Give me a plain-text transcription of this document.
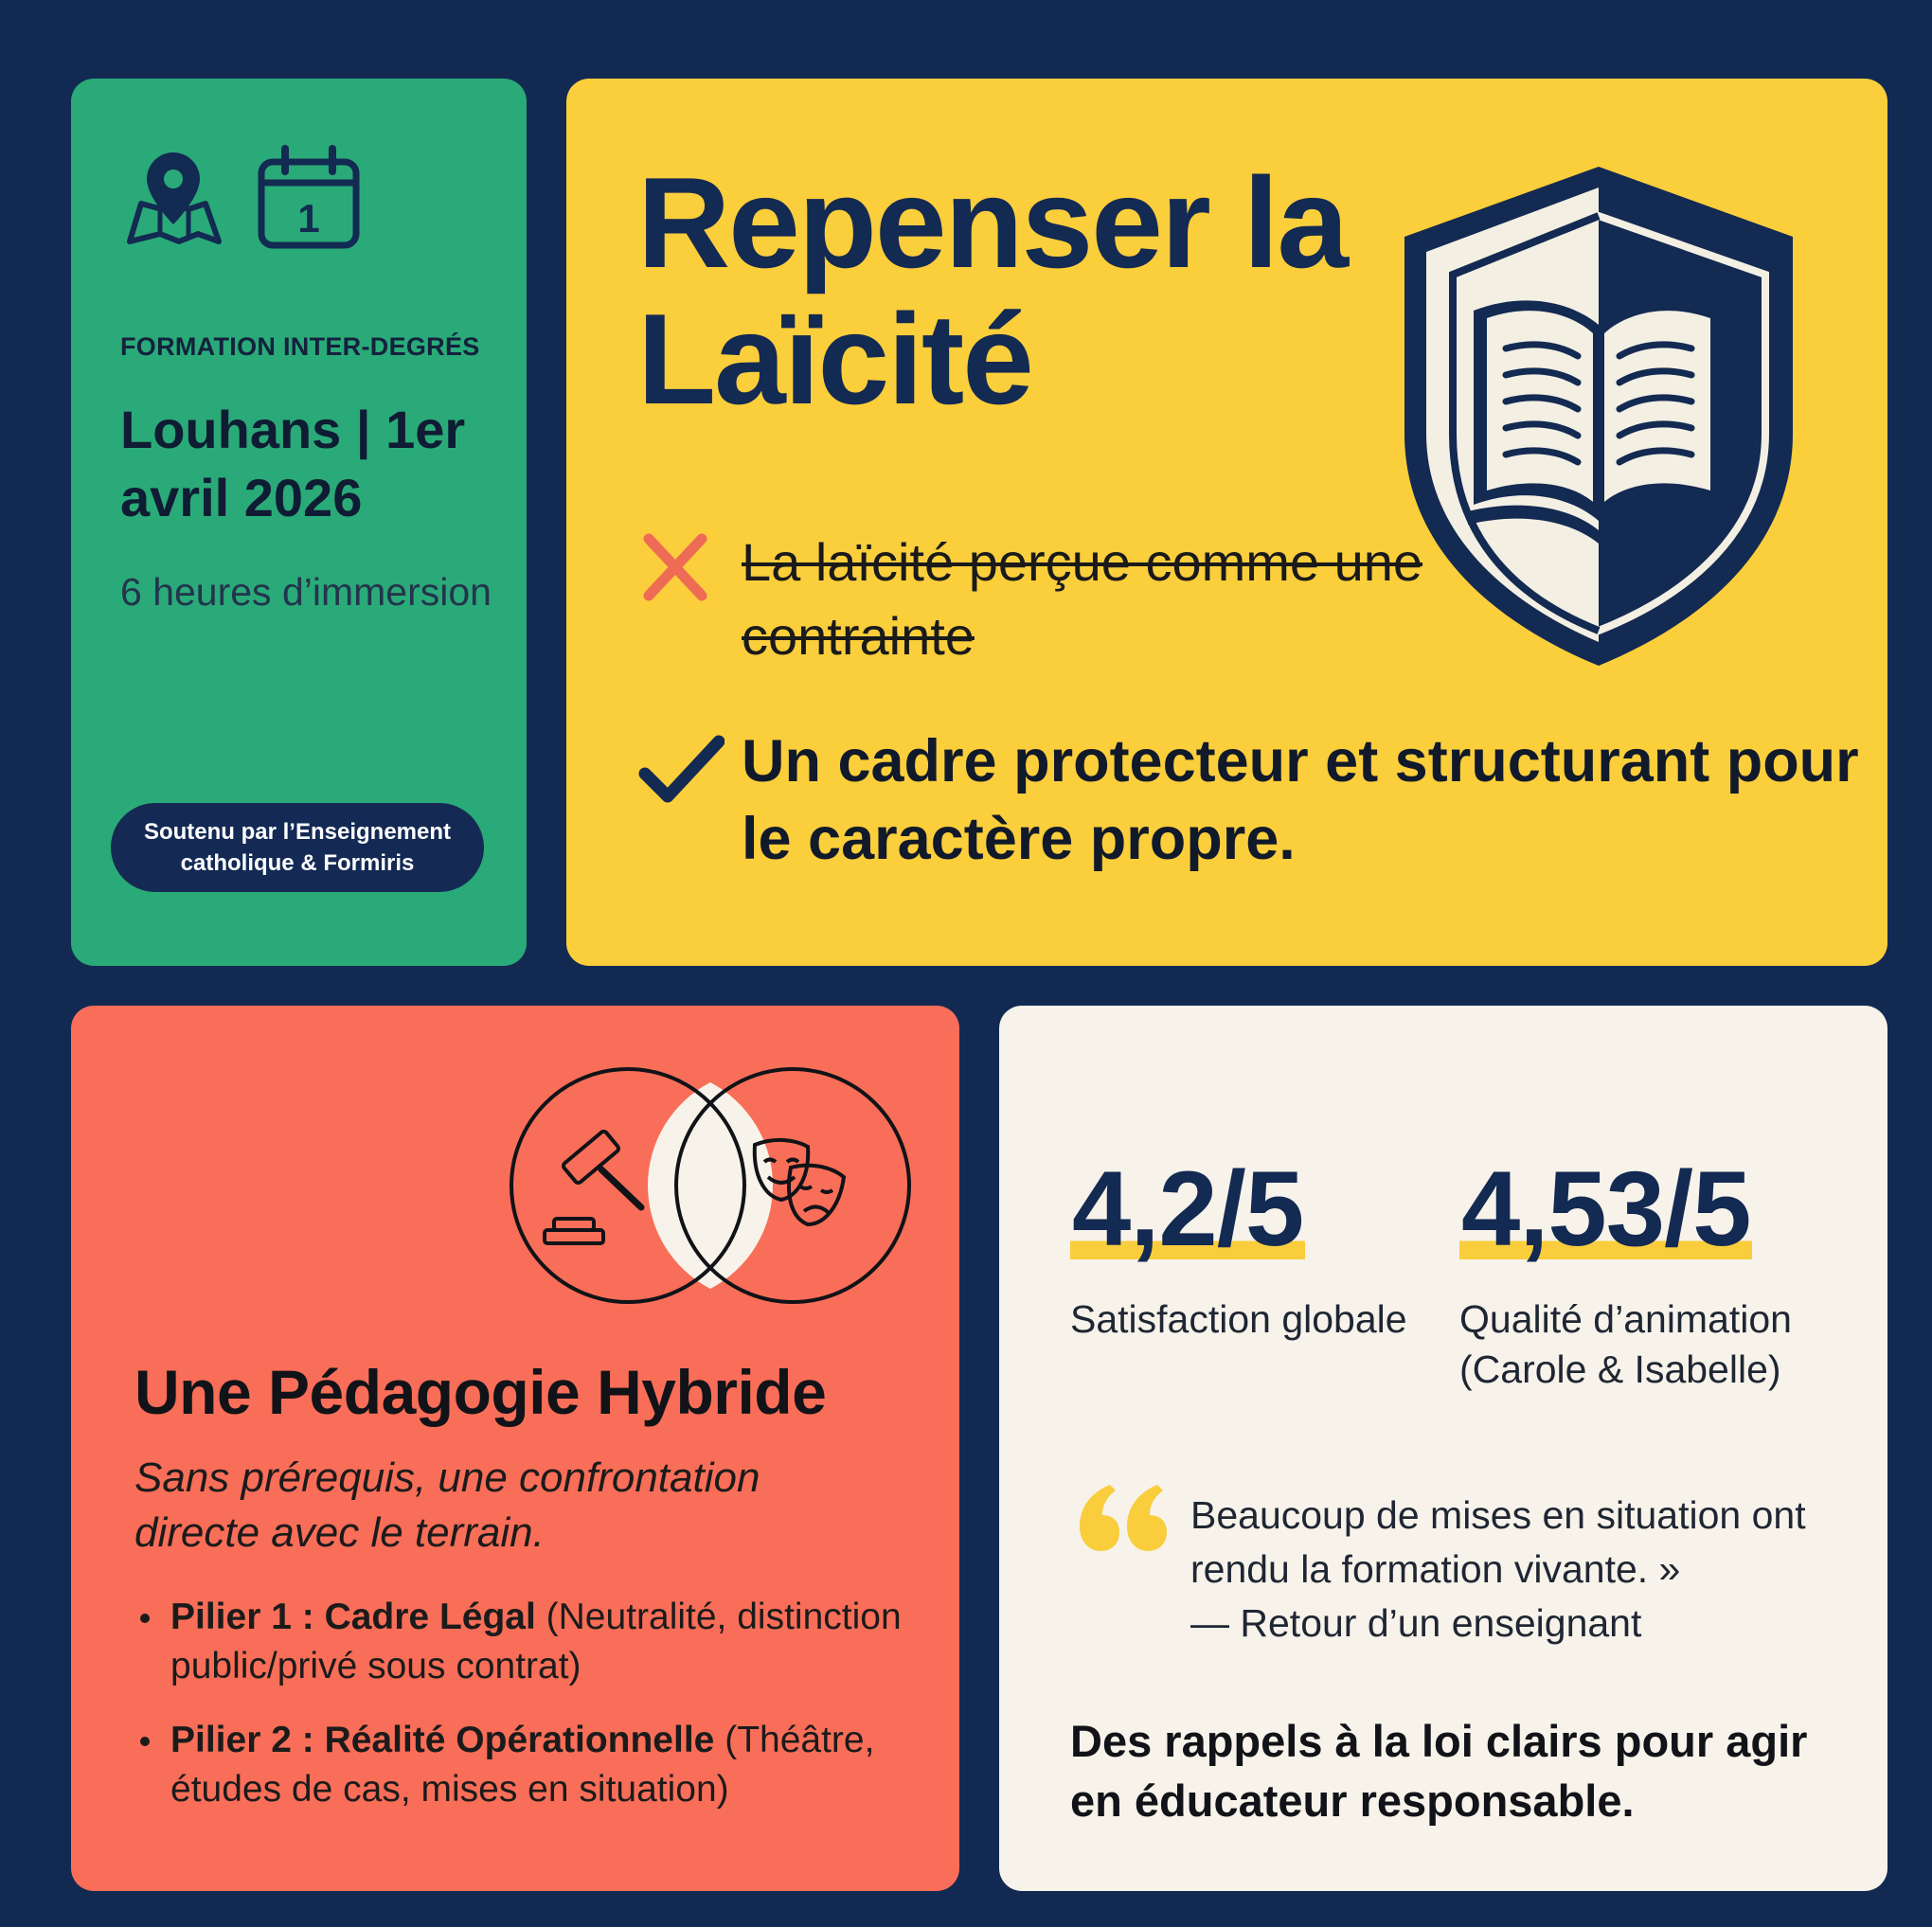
1
FORMATION INTER-DEGRÉS
Louhans | 1er avril 2026
6 heures d’immersion
Soutenu par l’Enseignement catholique & Formiris
Repenser la Laïcité
La laïcité perçue comme une contrainte
Un cadre protecteur et structurant pour le caractère propre.
Une Pédagogie Hybride
Sans prérequis, une confrontation directe avec le terrain.
Pilier 1 : Cadre Légal (Neutralité, distinction public/privé sous contrat)
Pilier 2 : Réalité Opérationnelle (Théâtre, études de cas, mises en situation)
4,2/5
Satisfaction globale
4,53/5
Qualité d’animation (Carole & Isabelle)
Beaucoup de mises en situation ont rendu la formation vivante. »
— Retour d’un enseignant
Des rappels à la loi clairs pour agir en éducateur responsable.
